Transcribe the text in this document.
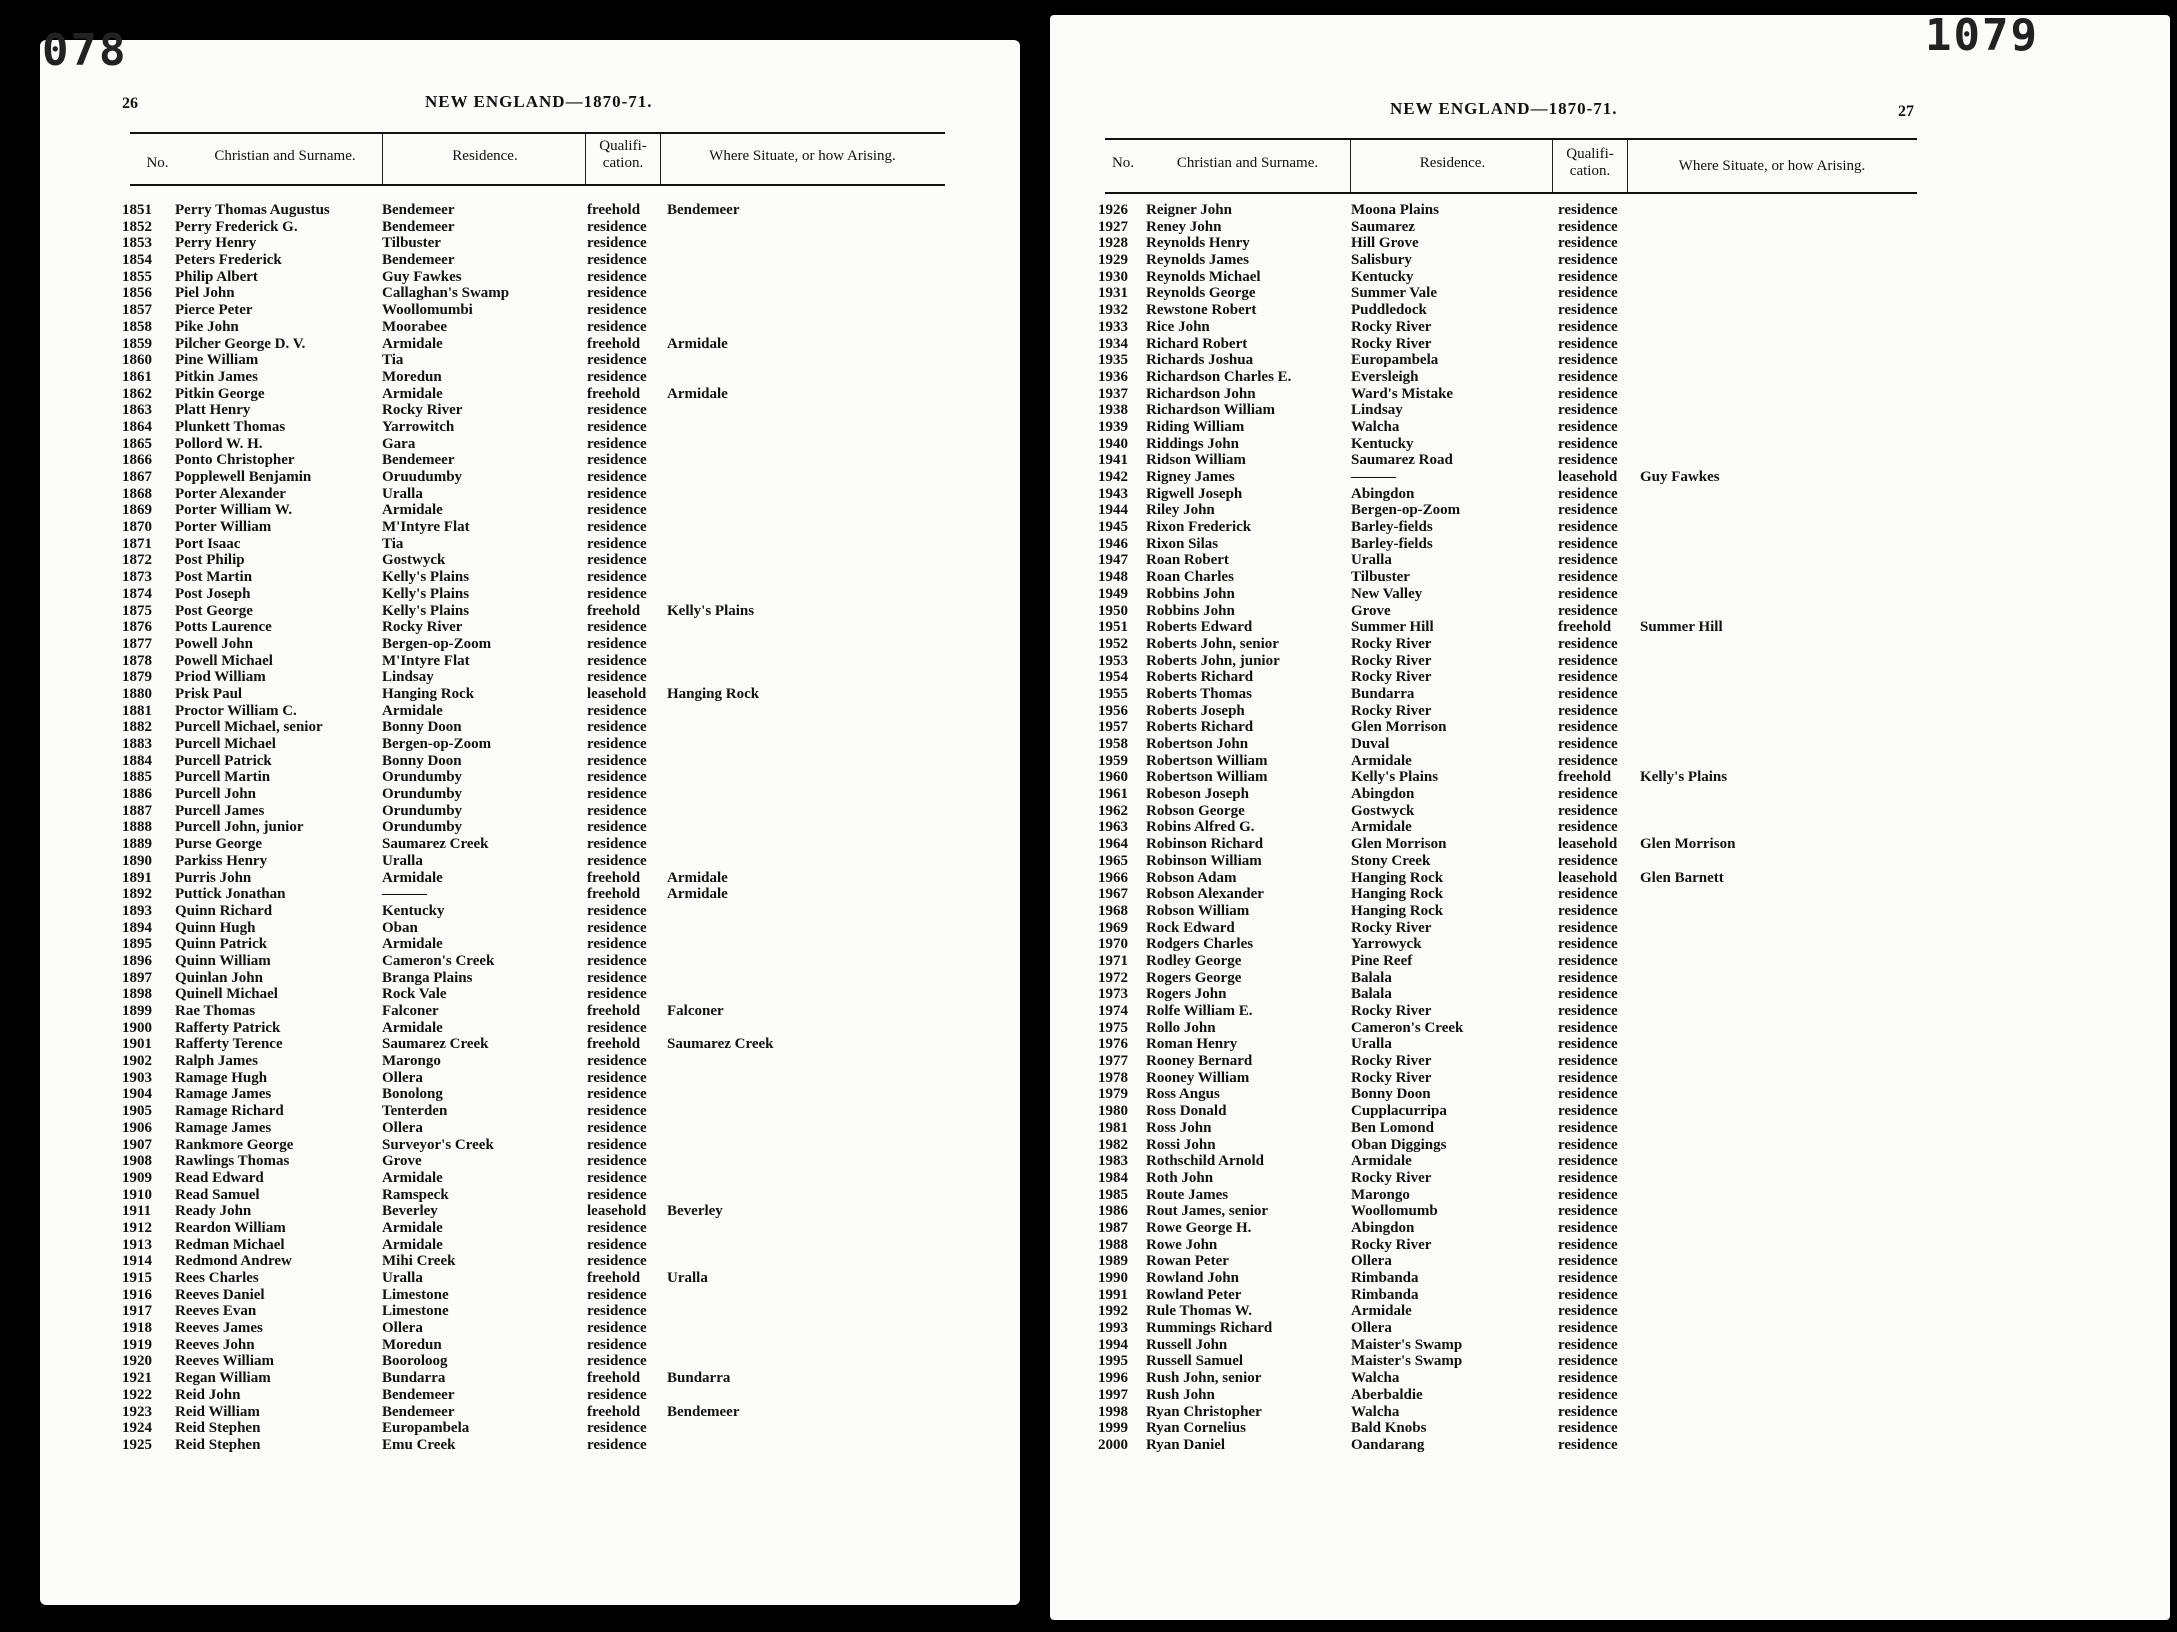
078
26	NEW ENGLAND—1870-71.
No.	Christian and Surname.	Residence.
Qualifi-cation.	Where Situate, or how Arising.
1851 Perry Thomas Augustus	Bendemeer	freehold Bendemeer
1852 Perry Frederick G.	Bendemeer	residence
1853 Perry Henry	Tilbuster	residence
1854 Peters Frederick	Bendemeer	residence
1855 Philip Albert	Guy Fawkes	residence
1856 Piel John	Callaghan's Swamp	residence
1857 Pierce Peter	Woollomumbi	residence
1858 Pike John	Moorabee	residence
1859 Pilcher George D. V.	Armidale	freehold Armidale
1860 Pine William	Tia	residence
1861 Pitkin James	Moredun	residence
1862 Pitkin George	Armidale	freehold Armidale
1863 Platt Henry	Rocky River	residence
1864 Plunkett Thomas	Yarrowitch	residence
1865 Pollord W. H.	Gara	residence
1866 Ponto Christopher	Bendemeer	residence
1867 Popplewell Benjamin	Oruudumby	residence
1868 Porter Alexander	Uralla	residence
1869 Porter William W.	Armidale	residence
1870 Porter William	M'Intyre Flat	residence
1871 Port Isaac	Tia	residence
1872 Post Philip	Gostwyck	residence
1873 Post Martin	Kelly's Plains	residence
1874 Post Joseph	Kelly's Plains	residence
1875 Post George	Kelly's Plains	freehold Kelly's Plains
1876 Potts Laurence	Rocky River	residence
1877 Powell John	Bergen-op-Zoom	residence
1878 Powell Michael	M'Intyre Flat	residence
1879 Priod William	Lindsay	residence
1880 Prisk Paul	Hanging Rock	leasehold Hanging Rock
1881 Proctor William C.	Armidale	residence
1882 Purcell Michael, senior	Bonny Doon	residence
1883 Purcell Michael	Bergen-op-Zoom	residence
1884 Purcell Patrick	Bonny Doon	residence
1885 Purcell Martin	Orundumby	residence
1886 Purcell John	Orundumby	residence
1887 Purcell James	Orundumby	residence
1888 Purcell John, junior	Orundumby	residence
1889 Purse George	Saumarez Creek	residence
1890 Parkiss Henry	Uralla	residence
1891 Purris John	Armidale	freehold Armidale
1892 Puttick Jonathan	———	freehold Armidale
1893 Quinn Richard	Kentucky	residence
1894 Quinn Hugh	Oban	residence
1895 Quinn Patrick	Armidale	residence
1896 Quinn William	Cameron's Creek	residence
1897 Quinlan John	Branga Plains	residence
1898 Quinell Michael	Rock Vale	residence
1899 Rae Thomas	Falconer	freehold Falconer
1900 Rafferty Patrick	Armidale	residence
1901 Rafferty Terence	Saumarez Creek	freehold Saumarez Creek
1902 Ralph James	Marongo	residence
1903 Ramage Hugh	Ollera	residence
1904 Ramage James	Bonolong	residence
1905 Ramage Richard	Tenterden	residence
1906 Ramage James	Ollera	residence
1907 Rankmore George	Surveyor's Creek	residence
1908 Rawlings Thomas	Grove	residence
1909 Read Edward	Armidale	residence
1910 Read Samuel	Ramspeck	residence
1911 Ready John	Beverley	leasehold Beverley
1912 Reardon William	Armidale	residence
1913 Redman Michael	Armidale	residence
1914 Redmond Andrew	Mihi Creek	residence
1915 Rees Charles	Uralla	freehold Uralla
1916 Reeves Daniel	Limestone	residence
1917 Reeves Evan	Limestone	residence
1918 Reeves James	Ollera	residence
1919 Reeves John	Moredun	residence
1920 Reeves William	Booroloog	residence
1921 Regan William	Bundarra	freehold Bundarra
1922 Reid John	Bendemeer	residence
1923 Reid William	Bendemeer	freehold Bendemeer
1924 Reid Stephen	Europambela	residence
1925 Reid Stephen	Emu Creek	residence
1079
27
NEW ENGLAND—1870-71.
No.	Christian and Surname.	Residence.
Qualifi-cation.	Where Situate, or how Arising.
1926 Reigner John	Moona Plains	residence
1927 Reney John	Saumarez	residence
1928 Reynolds Henry	Hill Grove	residence
1929 Reynolds James	Salisbury	residence
1930 Reynolds Michael	Kentucky	residence
1931 Reynolds George	Summer Vale	residence
1932 Rewstone Robert	Puddledock	residence
1933 Rice John	Rocky River	residence
1934 Richard Robert	Rocky River	residence
1935 Richards Joshua	Europambela	residence
1936 Richardson Charles E.	Eversleigh	residence
1937 Richardson John	Ward's Mistake	residence
1938 Richardson William	Lindsay	residence
1939 Riding William	Walcha	residence
1940 Riddings John	Kentucky	residence
1941 Ridson William	Saumarez Road	residence
1942 Rigney James	———	leasehold Guy Fawkes
1943 Rigwell Joseph	Abingdon	residence
1944 Riley John	Bergen-op-Zoom	residence
1945 Rixon Frederick	Barley-fields	residence
1946 Rixon Silas	Barley-fields	residence
1947 Roan Robert	Uralla	residence
1948 Roan Charles	Tilbuster	residence
1949 Robbins John	New Valley	residence
1950 Robbins John	Grove	residence
1951 Roberts Edward	Summer Hill	freehold Summer Hill
1952 Roberts John, senior	Rocky River	residence
1953 Roberts John, junior	Rocky River	residence
1954 Roberts Richard	Rocky River	residence
1955 Roberts Thomas	Bundarra	residence
1956 Roberts Joseph	Rocky River	residence
1957 Roberts Richard	Glen Morrison	residence
1958 Robertson John	Duval	residence
1959 Robertson William	Armidale	residence
1960 Robertson William	Kelly's Plains	freehold Kelly's Plains
1961 Robeson Joseph	Abingdon	residence
1962 Robson George	Gostwyck	residence
1963 Robins Alfred G.	Armidale	residence
1964 Robinson Richard	Glen Morrison	leasehold Glen Morrison
1965 Robinson William	Stony Creek	residence
1966 Robson Adam	Hanging Rock	leasehold Glen Barnett
1967 Robson Alexander	Hanging Rock	residence
1968 Robson William	Hanging Rock	residence
1969 Rock Edward	Rocky River	residence
1970 Rodgers Charles	Yarrowyck	residence
1971 Rodley George	Pine Reef	residence
1972 Rogers George	Balala	residence
1973 Rogers John	Balala	residence
1974 Rolfe William E.	Rocky River	residence
1975 Rollo John	Cameron's Creek	residence
1976 Roman Henry	Uralla	residence
1977 Rooney Bernard	Rocky River	residence
1978 Rooney William	Rocky River	residence
1979 Ross Angus	Bonny Doon	residence
1980 Ross Donald	Cupplacurripa	residence
1981 Ross John	Ben Lomond	residence
1982 Rossi John	Oban Diggings	residence
1983 Rothschild Arnold	Armidale	residence
1984 Roth John	Rocky River	residence
1985 Route James	Marongo	residence
1986 Rout James, senior	Woollomumb	residence
1987 Rowe George H.	Abingdon	residence
1988 Rowe John	Rocky River	residence
1989 Rowan Peter	Ollera	residence
1990 Rowland John	Rimbanda	residence
1991 Rowland Peter	Rimbanda	residence
1992 Rule Thomas W.	Armidale	residence
1993 Rummings Richard	Ollera	residence
1994 Russell John	Maister's Swamp	residence
1995 Russell Samuel	Maister's Swamp	residence
1996 Rush John, senior	Walcha	residence
1997 Rush John	Aberbaldie	residence
1998 Ryan Christopher	Walcha	residence
1999 Ryan Cornelius	Bald Knobs	residence
2000 Ryan Daniel	Oandarang	residence
